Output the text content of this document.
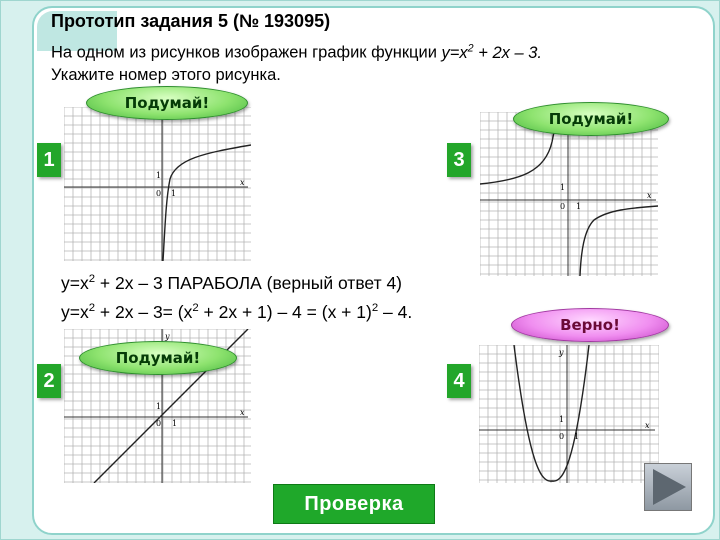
Прототип задания 5 (№ 193095)
На одном из рисунков изображен график функции $y=x^2 + 2x - 3$.
Укажите номер этого рисунка.
0
1
1
x
0
1
1
x
y
0
1
1
x
y
0
1
1
x
1	3
2	4
Подумай!
Подумай!
Подумай!
Верно!
$y=x^2 + 2x - 3$ ПАРАБОЛА (верный ответ 4)
$y=x^2 + 2x - 3= (x^2 + 2x + 1) - 4 = (x + 1)^2 - 4$.
Проверка
